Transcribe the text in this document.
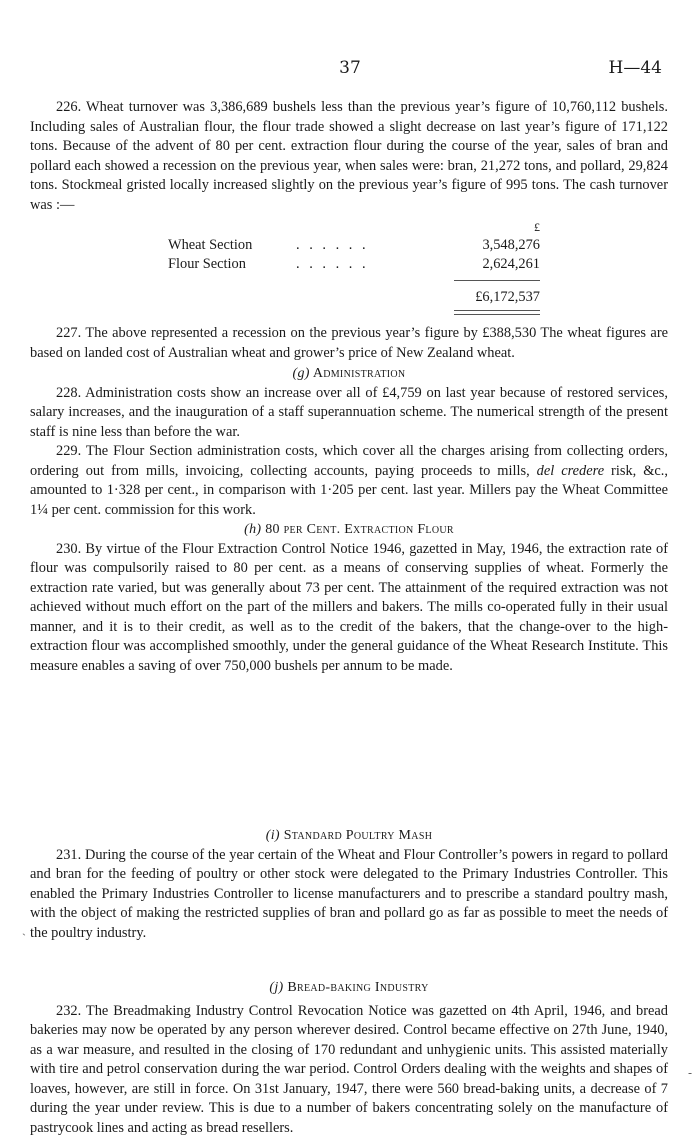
37	H—44

226. Wheat turnover was 3,386,689 bushels less than the previous year’s figure of 10,760,112 bushels. Including sales of Australian flour, the flour trade showed a slight decrease on last year’s figure of 171,122 tons. Because of the advent of 80 per cent. extraction flour during the course of the year, sales of bran and pollard each showed a recession on the previous year, when sales were: bran, 21,272 tons, and pollard, 29,824 tons. Stockmeal gristed locally increased slightly on the previous year’s figure of 995 tons. The cash turnover was :—

£
Wheat Section	. . . . . .	3,548,276
Flour Section	. . . . . .	2,624,261
£6,172,537

227. The above represented a recession on the previous year’s figure by £388,530 The wheat figures are based on landed cost of Australian wheat and grower’s price of New Zealand wheat.

(g) Administration

228. Administration costs show an increase over all of £4,759 on last year because of restored services, salary increases, and the inauguration of a staff superannuation scheme. The numerical strength of the present staff is nine less than before the war.

229. The Flour Section administration costs, which cover all the charges arising from collecting orders, ordering out from mills, invoicing, collecting accounts, paying proceeds to mills, del credere risk, &c., amounted to 1·328 per cent., in comparison with 1·205 per cent. last year. Millers pay the Wheat Committee 1¼ per cent. commission for this work.

(h) 80 per Cent. Extraction Flour

230. By virtue of the Flour Extraction Control Notice 1946, gazetted in May, 1946, the extraction rate of flour was compulsorily raised to 80 per cent. as a means of conserving supplies of wheat. Formerly the extraction rate varied, but was generally about 73 per cent. The attainment of the required extraction was not achieved without much effort on the part of the millers and bakers. The mills co-operated fully in their usual manner, and it is to their credit, as well as to the credit of the bakers, that the change-over to the high-extraction flour was accomplished smoothly, under the general guidance of the Wheat Research Institute. This measure enables a saving of over 750,000 bushels per annum to be made.

(i) Standard Poultry Mash

231. During the course of the year certain of the Wheat and Flour Controller’s powers in regard to pollard and bran for the feeding of poultry or other stock were delegated to the Primary Industries Controller. This enabled the Primary Industries Controller to license manufacturers and to prescribe a standard poultry mash, with the object of making the restricted supplies of bran and pollard go as far as possible to meet the needs of the poultry industry.

(j) Bread-baking Industry

232. The Breadmaking Industry Control Revocation Notice was gazetted on 4th April, 1946, and bread bakeries may now be operated by any person wherever desired. Control became effective on 27th June, 1940, as a war measure, and resulted in the closing of 170 redundant and unhygienic units. This assisted materially with tire and petrol conservation during the war period. Control Orders dealing with the weights and shapes of loaves, however, are still in force. On 31st January, 1947, there were 560 bread-baking units, a decrease of 7 during the year under review. This is due to a number of bakers concentrating solely on the manufacture of pastrycook lines and acting as bread resellers.

ˎ
-
